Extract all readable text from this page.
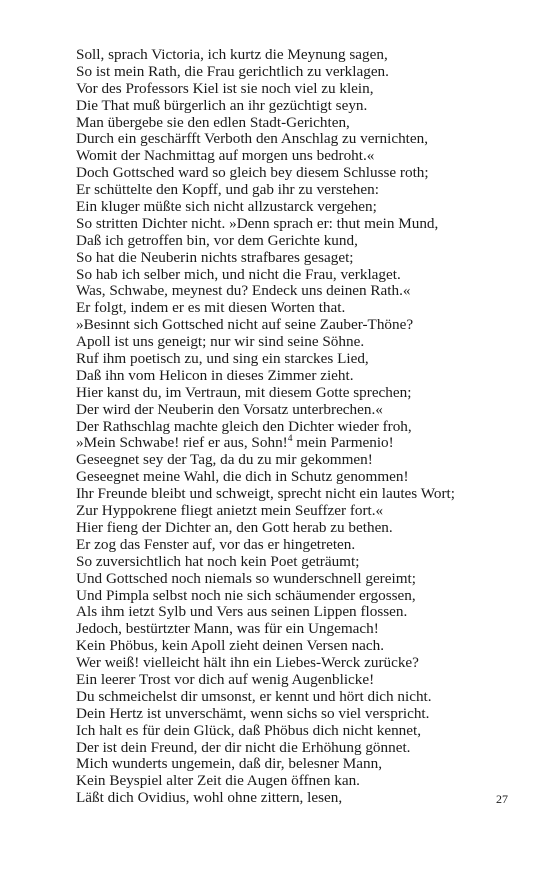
Soll, sprach Victoria, ich kurtz die Meynung sagen,
So ist mein Rath, die Frau gerichtlich zu verklagen.
Vor des Professors Kiel ist sie noch viel zu klein,
Die That muß bürgerlich an ihr gezüchtigt seyn.
Man übergebe sie den edlen Stadt-Gerichten,
Durch ein geschärfft Verboth den Anschlag zu vernichten,
Womit der Nachmittag auf morgen uns bedroht.«
Doch Gottsched ward so gleich bey diesem Schlusse roth;
Er schüttelte den Kopff, und gab ihr zu verstehen:
Ein kluger müßte sich nicht allzustarck vergehen;
So stritten Dichter nicht. »Denn sprach er: thut mein Mund,
Daß ich getroffen bin, vor dem Gerichte kund,
So hat die Neuberin nichts strafbares gesaget;
So hab ich selber mich, und nicht die Frau, verklaget.
Was, Schwabe, meynest du? Endeck uns deinen Rath.«
Er folgt, indem er es mit diesen Worten that.
»Besinnt sich Gottsched nicht auf seine Zauber-Thöne?
Apoll ist uns geneigt; nur wir sind seine Söhne.
Ruf ihm poetisch zu, und sing ein starckes Lied,
Daß ihn vom Helicon in dieses Zimmer zieht.
Hier kanst du, im Vertraun, mit diesem Gotte sprechen;
Der wird der Neuberin den Vorsatz unterbrechen.«
Der Rathschlag machte gleich den Dichter wieder froh,
»Mein Schwabe! rief er aus, Sohn!$^4$ mein Parmenio!
Geseegnet sey der Tag, da du zu mir gekommen!
Geseegnet meine Wahl, die dich in Schutz genommen!
Ihr Freunde bleibt und schweigt, sprecht nicht ein lautes Wort;
Zur Hyppokrene fliegt anietzt mein Seuffzer fort.«
Hier fieng der Dichter an, den Gott herab zu bethen.
Er zog das Fenster auf, vor das er hingetreten.
So zuversichtlich hat noch kein Poet geträumt;
Und Gottsched noch niemals so wunderschnell gereimt;
Und Pimpla selbst noch nie sich schäumender ergossen,
Als ihm ietzt Sylb und Vers aus seinen Lippen flossen.
Jedoch, bestürtzter Mann, was für ein Ungemach!
Kein Phöbus, kein Apoll zieht deinen Versen nach.
Wer weiß! vielleicht hält ihn ein Liebes-Werck zurücke?
Ein leerer Trost vor dich auf wenig Augenblicke!
Du schmeichelst dir umsonst, er kennt und hört dich nicht.
Dein Hertz ist unverschämt, wenn sichs so viel verspricht.
Ich halt es für dein Glück, daß Phöbus dich nicht kennet,
Der ist dein Freund, der dir nicht die Erhöhung gönnet.
Mich wunderts ungemein, daß dir, belesner Mann,
Kein Beyspiel alter Zeit die Augen öffnen kan.
Läßt dich Ovidius, wohl ohne zittern, lesen,	27
